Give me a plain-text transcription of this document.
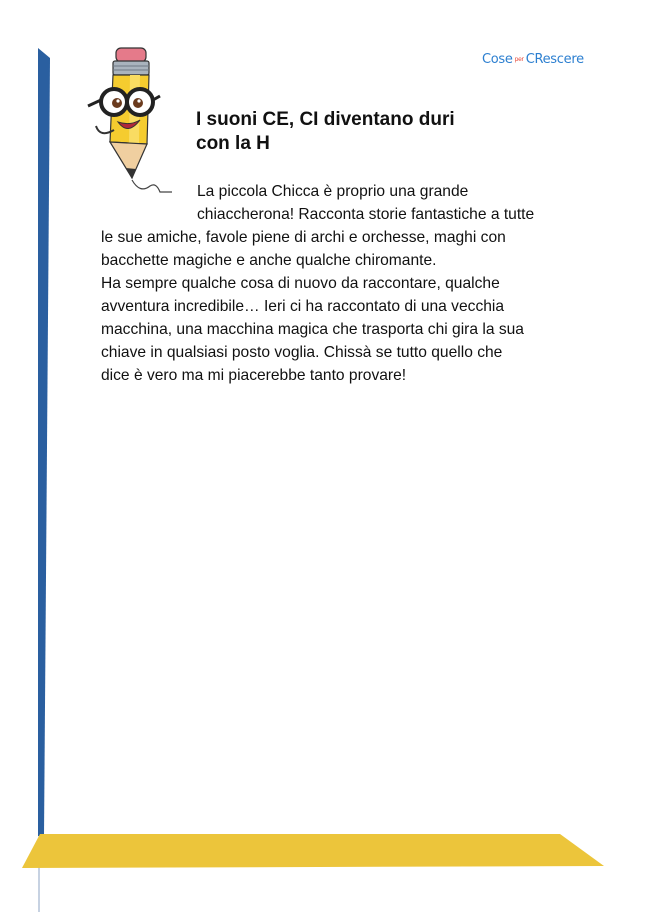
Cose per CRescere
I suoni CE, CI diventano duri
con la H

La piccola Chicca è proprio una grande
chiaccherona! Racconta storie fantastiche a tutte
le sue amiche, favole piene di archi e orchesse, maghi con
bacchette magiche e anche qualche chiromante.

Ha sempre qualche cosa di nuovo da raccontare, qualche
avventura incredibile… Ieri ci ha raccontato di una vecchia
macchina, una macchina magica che trasporta chi gira la sua
chiave in qualsiasi posto voglia. Chissà se tutto quello che
dice è vero ma mi piacerebbe tanto provare!
